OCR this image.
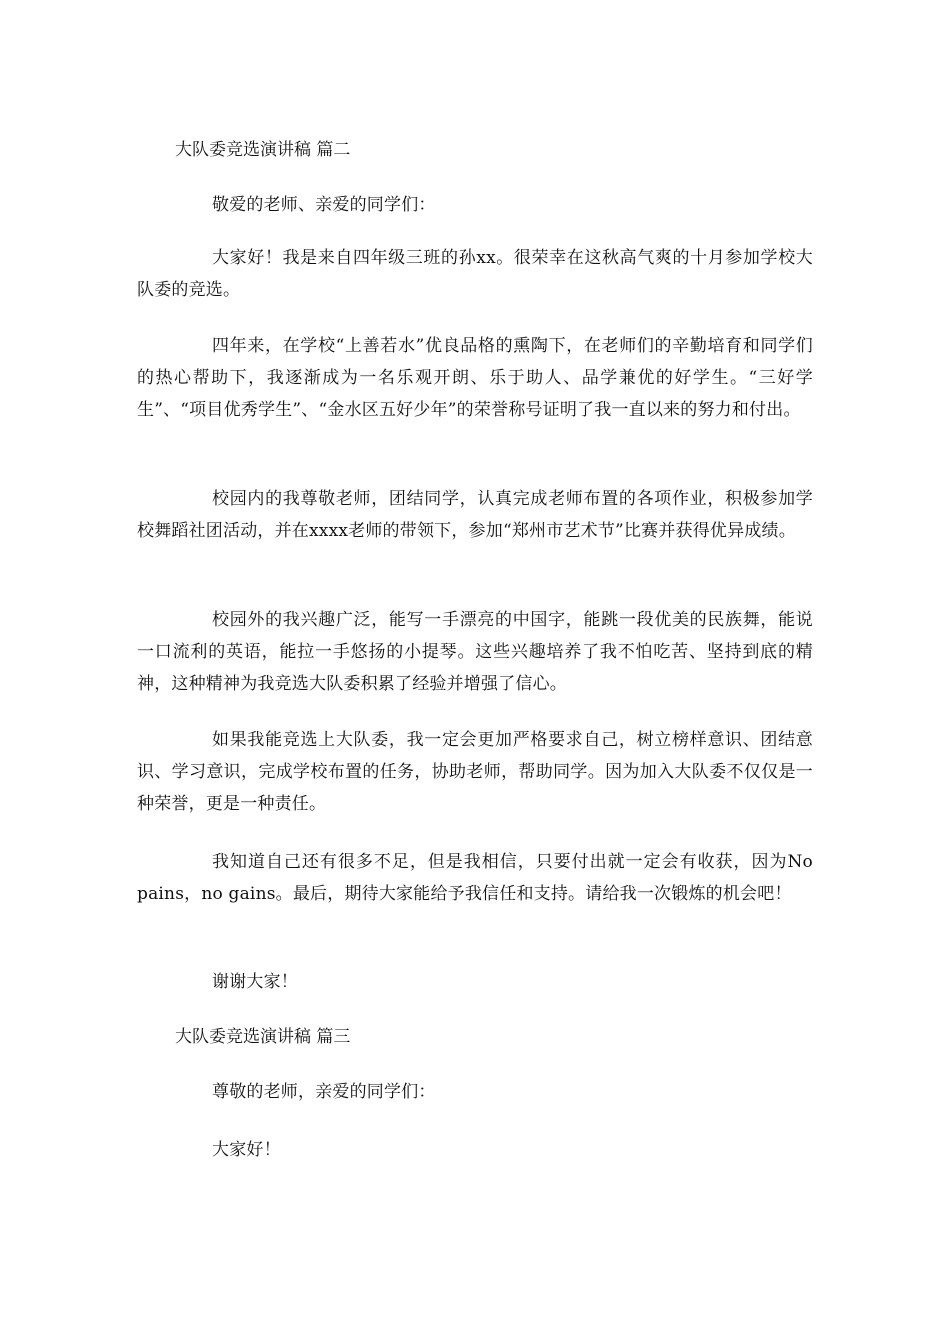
大队委竞选演讲稿 篇二
敬爱的老师、亲爱的同学们：
大家好！我是来自四年级三班的孙xx。很荣幸在这秋高气爽的十月参加学校大队委的竞选。
四年来，在学校“上善若水”优良品格的熏陶下，在老师们的辛勤培育和同学们的热心帮助下，我逐渐成为一名乐观开朗、乐于助人、品学兼优的好学生。“三好学生”、“项目优秀学生”、“金水区五好少年”的荣誉称号证明了我一直以来的努力和付出。
校园内的我尊敬老师，团结同学，认真完成老师布置的各项作业，积极参加学校舞蹈社团活动，并在xxxx老师的带领下，参加“郑州市艺术节”比赛并获得优异成绩。
校园外的我兴趣广泛，能写一手漂亮的中国字，能跳一段优美的民族舞，能说一口流利的英语，能拉一手悠扬的小提琴。这些兴趣培养了我不怕吃苦、坚持到底的精神，这种精神为我竞选大队委积累了经验并增强了信心。
如果我能竞选上大队委，我一定会更加严格要求自己，树立榜样意识、团结意识、学习意识，完成学校布置的任务，协助老师，帮助同学。因为加入大队委不仅仅是一种荣誉，更是一种责任。
我知道自己还有很多不足，但是我相信，只要付出就一定会有收获，因为No pains，no gains。最后，期待大家能给予我信任和支持。请给我一次锻炼的机会吧！
谢谢大家！
大队委竞选演讲稿 篇三
尊敬的老师，亲爱的同学们：
大家好！
